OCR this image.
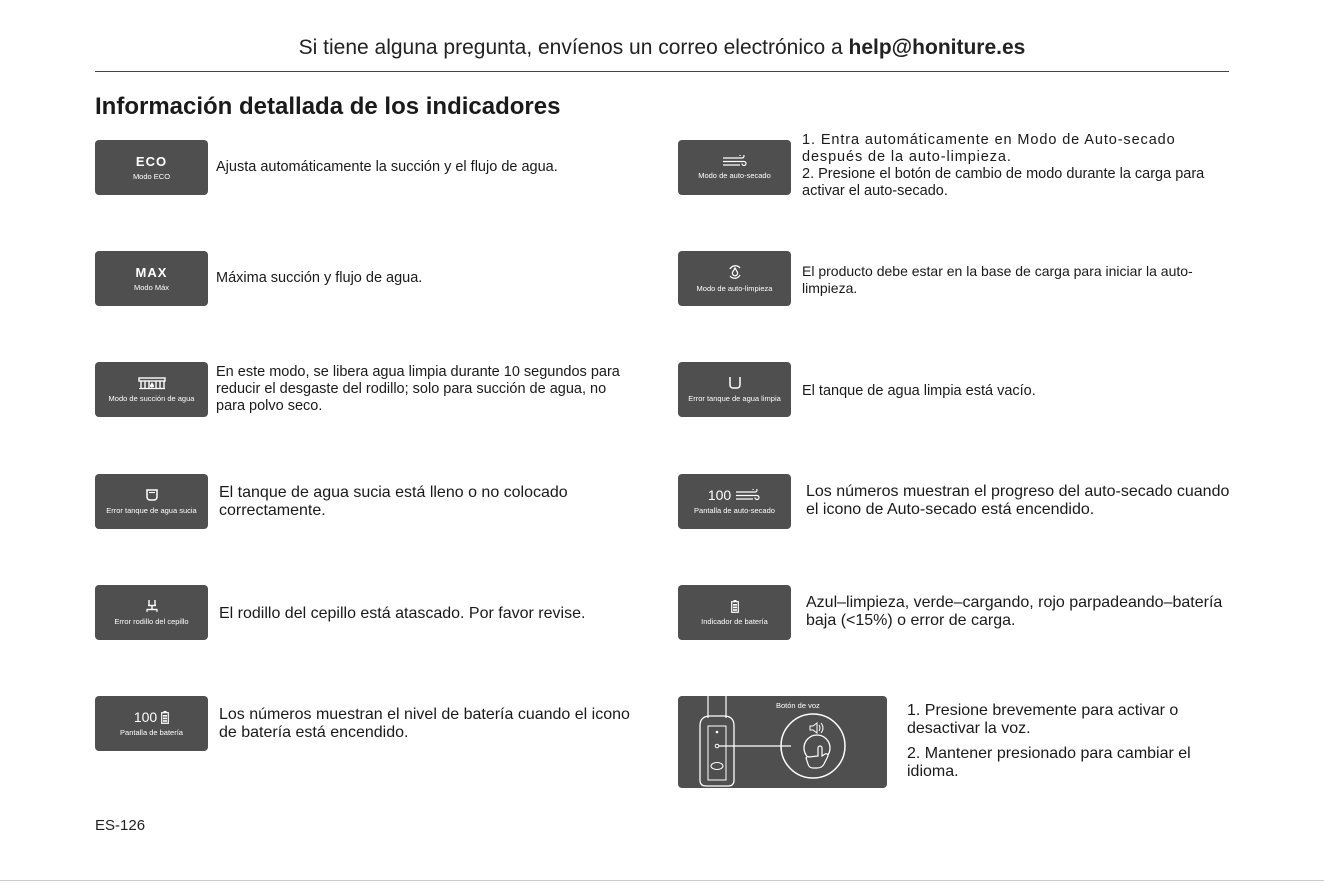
Si tiene alguna pregunta, envíenos un correo electrónico a help@honiture.es
Información detallada de los indicadores
ECO
Modo ECO
Ajusta automáticamente la succión y el flujo de agua.
MAX
Modo Máx
Máxima succión y flujo de agua.
Modo de succión de agua
En este modo, se libera agua limpia durante 10 segundos para reducir el desgaste del rodillo; solo para succión de agua, no para polvo seco.
Error tanque de agua sucia
El tanque de agua sucia está lleno o no colocado correctamente.
Error rodillo del cepillo El rodillo del cepillo está atascado. Por favor revise.
100
Pantalla de batería
Los números muestran el nivel de batería cuando el icono de batería está encendido.
Modo de auto-secado

1. Entra automáticamente en Modo de Auto-secado después de la auto-limpieza.

2. Presione el botón de cambio de modo durante la carga para activar el auto-secado.

Modo de auto-limpieza
El producto debe estar en la base de carga para iniciar la auto-limpieza.
Error tanque de agua limpia El tanque de agua limpia está vacío.
100
Pantalla de auto-secado
Los números muestran el progreso del auto-secado cuando el icono de Auto-secado está encendido.
Indicador de batería
Azul–limpieza, verde–cargando, rojo parpadeando–batería baja (<15%) o error de carga.
Botón de voz	1. Presione brevemente para activar o desactivar la voz.

2. Mantener presionado para cambiar el idioma.

ES-126
